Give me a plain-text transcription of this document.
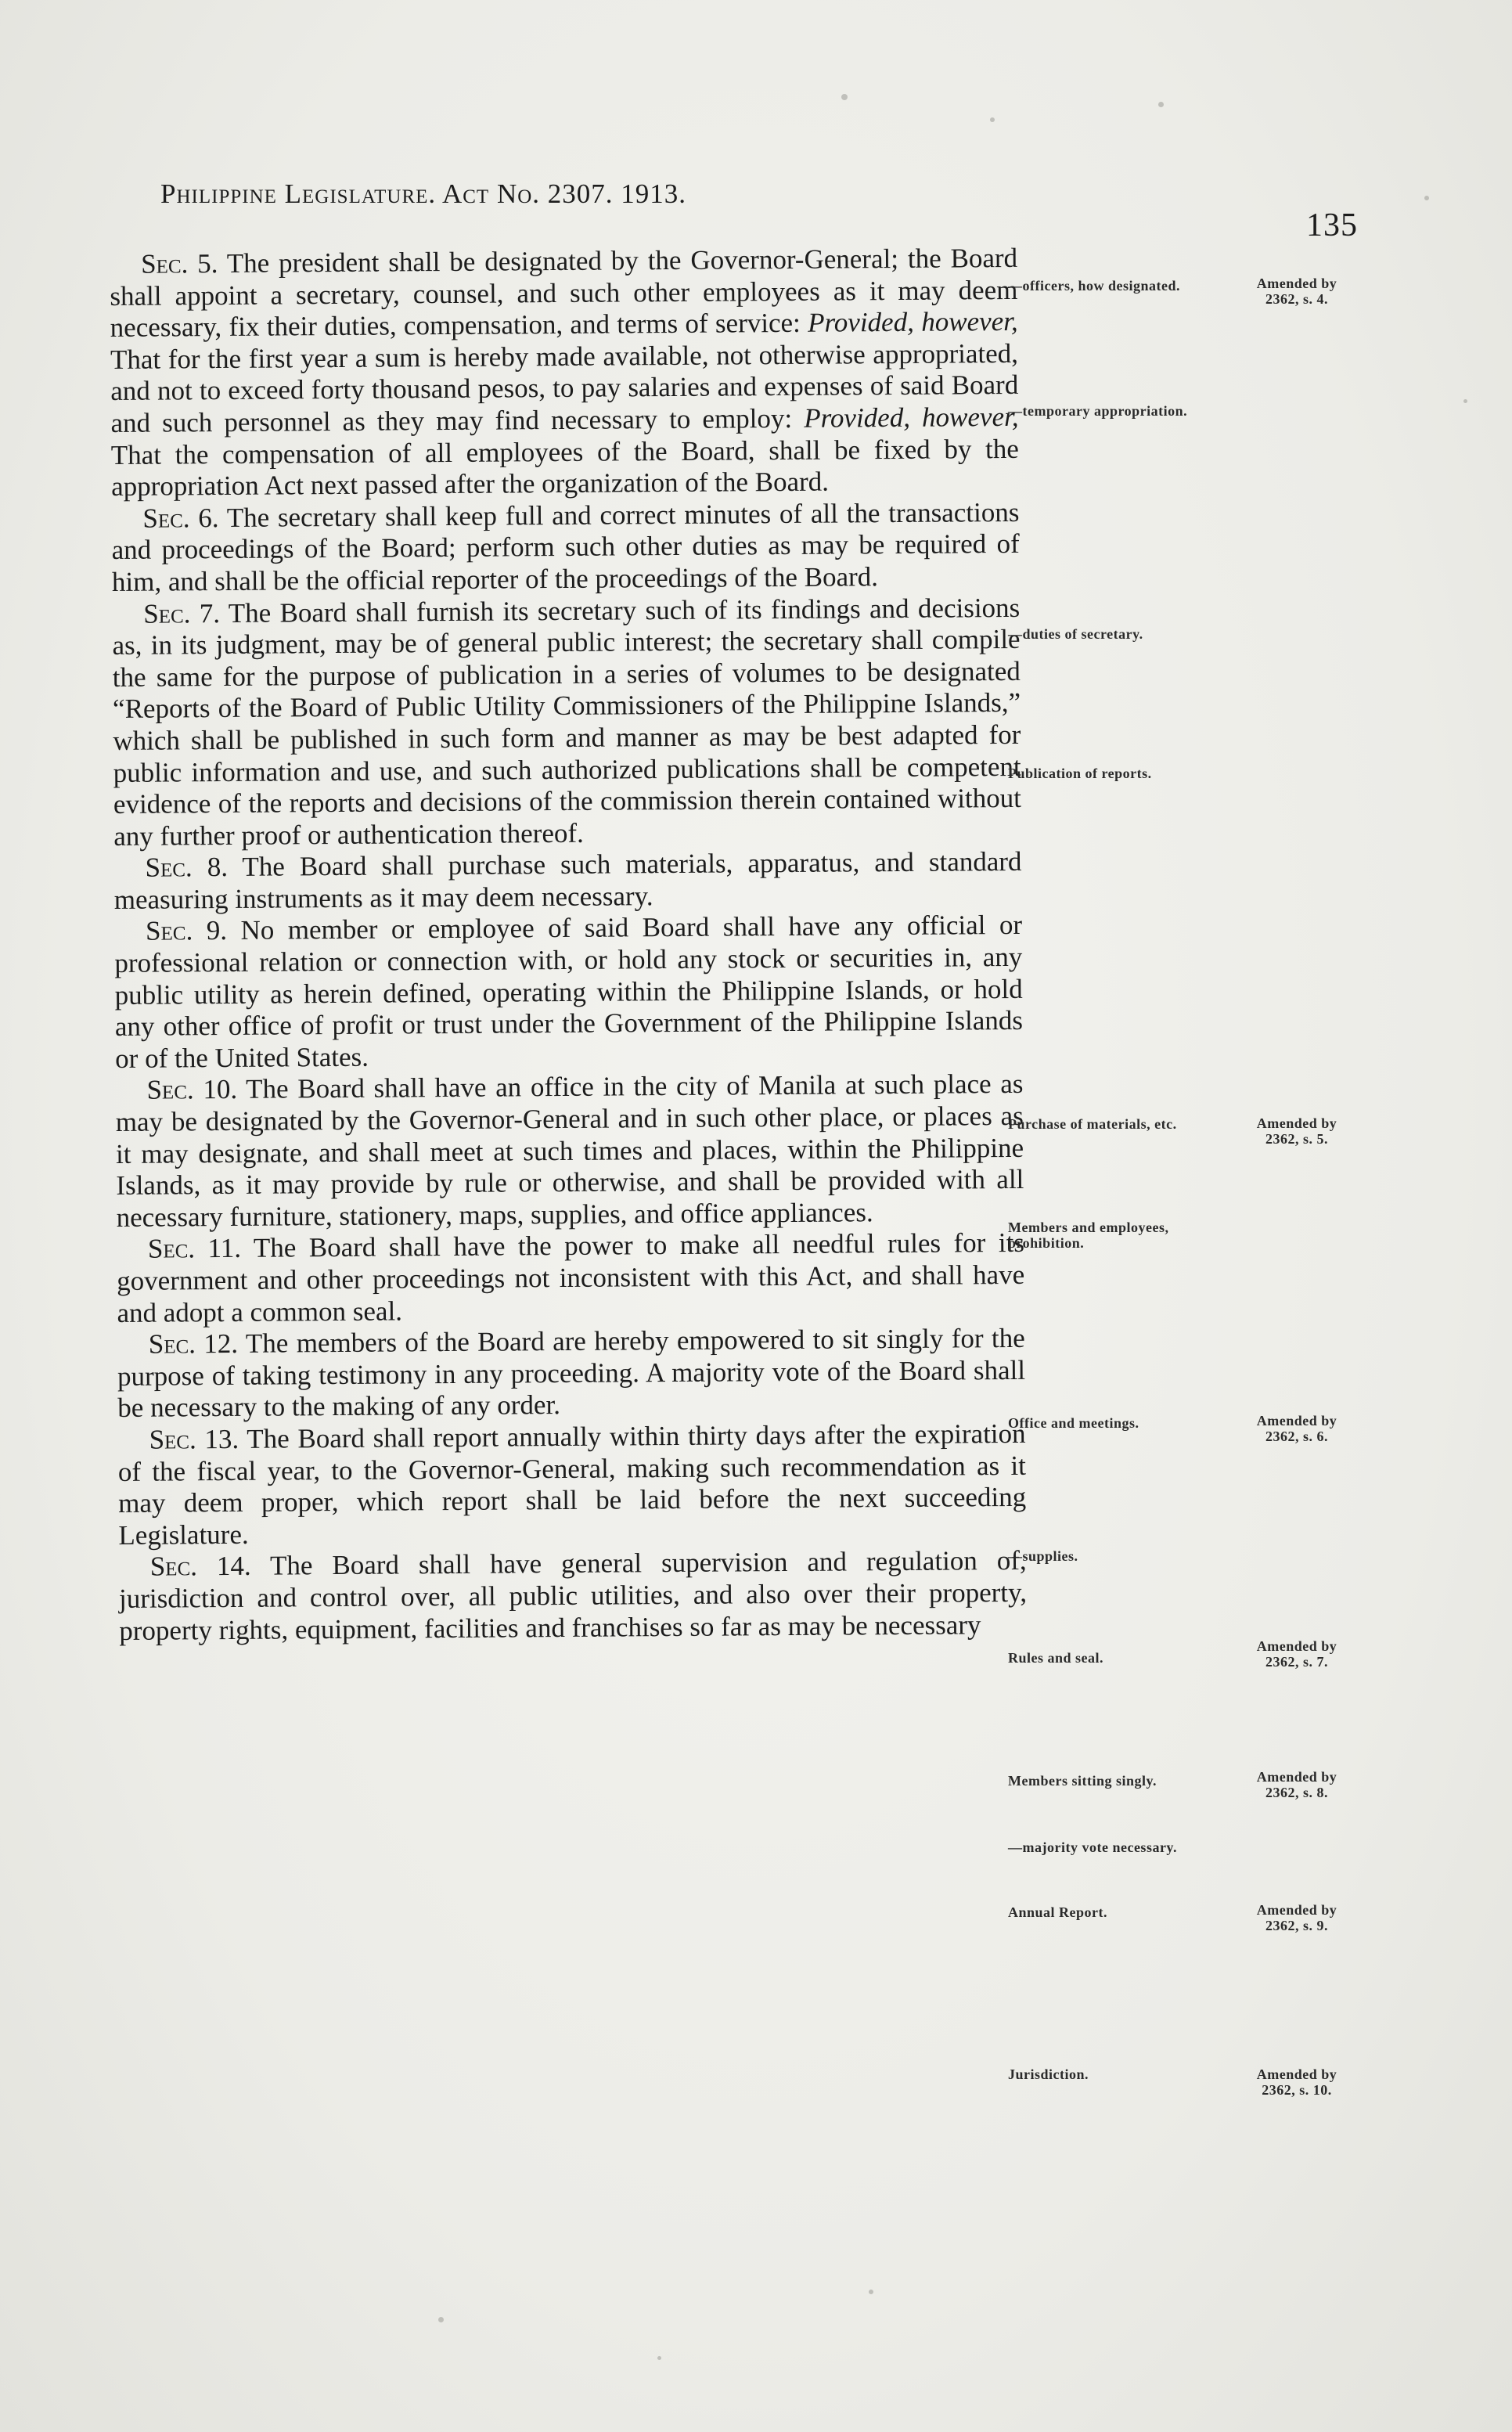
Philippine Legislature. Act No. 2307. 1913.
135

Sec. 5. The president shall be designated by the Governor-General; the Board shall appoint a secretary, counsel, and such other employees as it may deem necessary, fix their duties, compensation, and terms of service: Provided, however, That for the first year a sum is hereby made available, not otherwise appropriated, and not to exceed forty thousand pesos, to pay salaries and expenses of said Board and such personnel as they may find necessary to employ: Provided, however, That the compensation of all employees of the Board, shall be fixed by the appropriation Act next passed after the organization of the Board.

Sec. 6. The secretary shall keep full and correct minutes of all the transactions and proceedings of the Board; perform such other duties as may be required of him, and shall be the official reporter of the proceedings of the Board.

Sec. 7. The Board shall furnish its secretary such of its findings and decisions as, in its judgment, may be of general public interest; the secretary shall compile the same for the purpose of publication in a series of volumes to be designated “Reports of the Board of Public Utility Commissioners of the Philippine Islands,” which shall be published in such form and manner as may be best adapted for public information and use, and such authorized publications shall be competent evidence of the reports and decisions of the commission therein contained without any further proof or authentication thereof.

Sec. 8. The Board shall purchase such materials, apparatus, and standard measuring instruments as it may deem necessary.

Sec. 9. No member or employee of said Board shall have any official or professional relation or connection with, or hold any stock or securities in, any public utility as herein defined, operating within the Philippine Islands, or hold any other office of profit or trust under the Government of the Philippine Islands or of the United States.

Sec. 10. The Board shall have an office in the city of Manila at such place as may be designated by the Governor-General and in such other place, or places as it may designate, and shall meet at such times and places, within the Philippine Islands, as it may provide by rule or otherwise, and shall be provided with all necessary furniture, stationery, maps, supplies, and office appliances.

Sec. 11. The Board shall have the power to make all needful rules for its government and other proceedings not inconsistent with this Act, and shall have and adopt a common seal.

Sec. 12. The members of the Board are hereby empowered to sit singly for the purpose of taking testimony in any proceeding. A majority vote of the Board shall be necessary to the making of any order.

Sec. 13. The Board shall report annually within thirty days after the expiration of the fiscal year, to the Governor-General, making such recommendation as it may deem proper, which report shall be laid before the next succeeding Legislature.

Sec. 14. The Board shall have general supervision and regulation of, jurisdiction and control over, all public utilities, and also over their property, property rights, equipment, facilities and franchises so far as may be necessary

—officers, how designated.
—temporary appropriation.
—duties of secretary.
Publication of reports.
Purchase of materials, etc.
Members and employees, prohibition.
Office and meetings.
—supplies.
Rules and seal.
Members sitting singly.
—majority vote necessary.
Annual Report.
Jurisdiction.
Amended by 2362, s. 4.
Amended by 2362, s. 5.
Amended by 2362, s. 6.
Amended by 2362, s. 7.
Amended by 2362, s. 8.
Amended by 2362, s. 9.
Amended by 2362, s. 10.
